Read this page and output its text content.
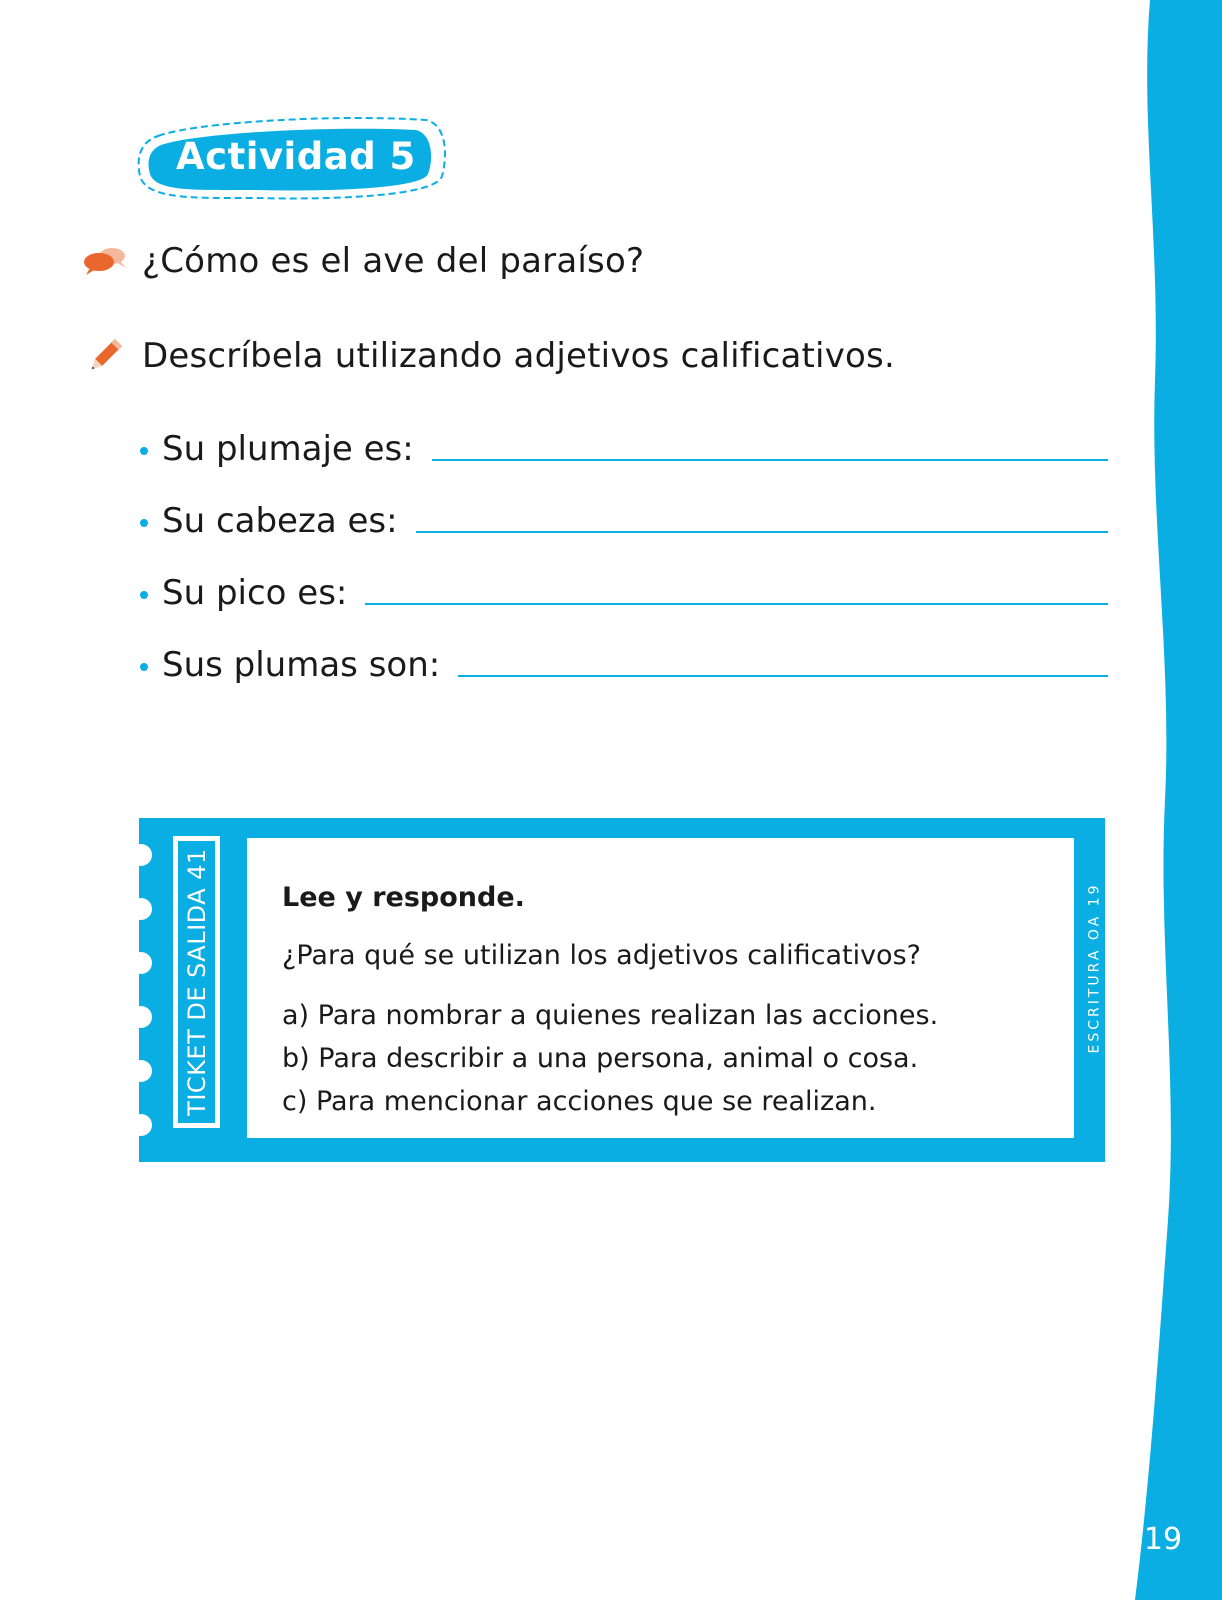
19
Actividad 5
¿Cómo es el ave del paraíso?
Descríbela utilizando adjetivos calificativos.
Su plumaje es:
Su cabeza es:
Su pico es:
Sus plumas son:
TICKET DE SALIDA 41	Lee y responde.
¿Para qué se utilizan los adjetivos calificativos?
a) Para nombrar a quienes realizan las acciones.
b) Para describir a una persona, animal o cosa.
c) Para mencionar acciones que se realizan.
ESCRITURA OA 19
